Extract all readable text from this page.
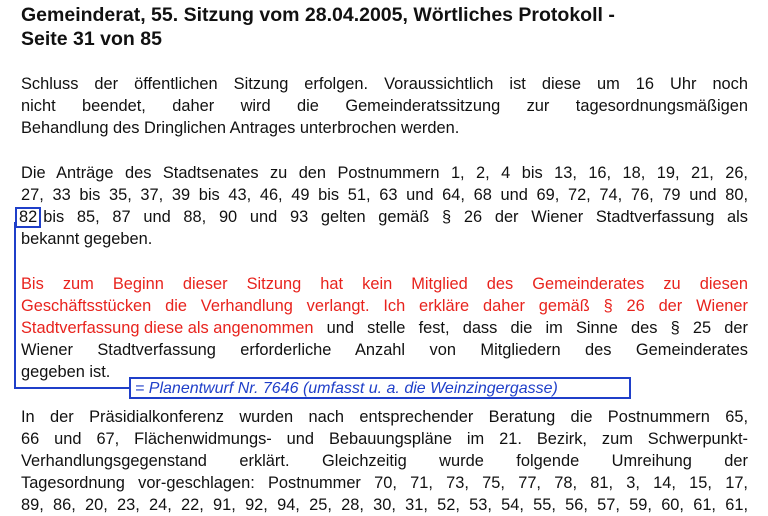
Gemeinderat, 55. Sitzung vom 28.04.2005, Wörtliches Protokoll -
Seite 31 von 85
Schluss der öffentlichen Sitzung erfolgen. Voraussichtlich ist diese um 16 Uhr noch
nicht beendet, daher wird die Gemeinderatssitzung zur tagesordnungsmäßigen
Behandlung des Dringlichen Antrages unterbrochen werden.
Die Anträge des Stadtsenates zu den Postnummern 1, 2, 4 bis 13, 16, 18, 19, 21, 26,
27, 33 bis 35, 37, 39 bis 43, 46, 49 bis 51, 63 und 64, 68 und 69, 72, 74, 76, 79 und 80,
82 bis 85, 87 und 88, 90 und 93 gelten gemäß § 26 der Wiener Stadtverfassung als
bekannt gegeben.
Bis zum Beginn dieser Sitzung hat kein Mitglied des Gemeinderates zu diesen
Geschäftsstücken die Verhandlung verlangt. Ich erkläre daher gemäß § 26 der Wiener
Stadtverfassung diese als angenommen und stelle fest, dass die im Sinne des § 25 der
Wiener Stadtverfassung erforderliche Anzahl von Mitgliedern des Gemeinderates
gegeben ist.
= Planentwurf Nr. 7646 (umfasst u. a. die Weinzingergasse)
In der Präsidialkonferenz wurden nach entsprechender Beratung die Postnummern 65,
66 und 67, Flächenwidmungs- und Bebauungspläne im 21. Bezirk, zum Schwerpunkt-
Verhandlungsgegenstand erklärt. Gleichzeitig wurde folgende Umreihung der
Tagesordnung vor-geschlagen: Postnummer 70, 71, 73, 75, 77, 78, 81, 3, 14, 15, 17,
89, 86, 20, 23, 24, 22, 91, 92, 94, 25, 28, 30, 31, 52, 53, 54, 55, 56, 57, 59, 60, 61, 61,
